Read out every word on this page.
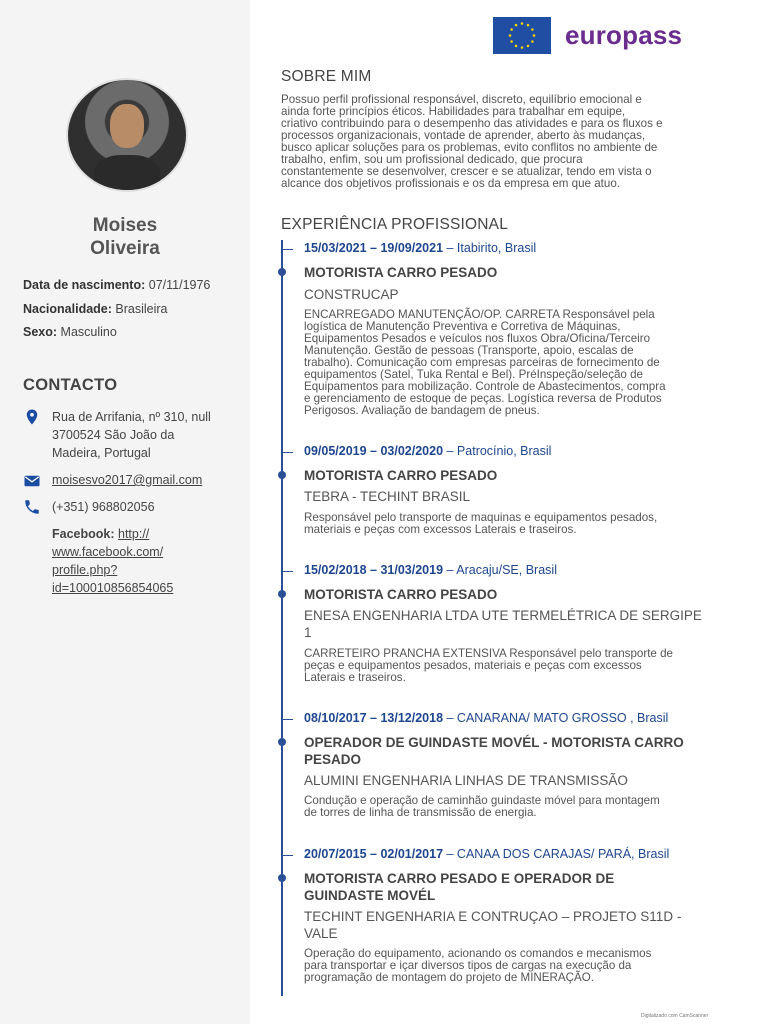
Moises
Oliveira
Data de nascimento: 07/11/1976
Nacionalidade: Brasileira
Sexo: Masculino
CONTACTO
Rua de Arrifania, nº 310, null
3700524 São João da
Madeira, Portugal
moisesvo2017@gmail.com
(+351) 968802056
Facebook: http://
www.facebook.com/
profile.php?
id=100010856854065
europass
SOBRE MIM
Possuo perfil profissional responsável, discreto, equilíbrio emocional e
ainda forte princípios éticos. Habilidades para trabalhar em equipe,
criativo contribuindo para o desempenho das atividades e para os fluxos e
processos organizacionais, vontade de aprender, aberto às mudanças,
busco aplicar soluções para os problemas, evito conflitos no ambiente de
trabalho, enfim, sou um profissional dedicado, que procura
constantemente se desenvolver, crescer e se atualizar, tendo em vista o
alcance dos objetivos profissionais e os da empresa em que atuo.
EXPERIÊNCIA PROFISSIONAL
15/03/2021 – 19/09/2021 – Itabirito, Brasil
MOTORISTA CARRO PESADO
CONSTRUCAP
ENCARREGADO MANUTENÇÃO/OP. CARRETA Responsável pela
logística de Manutenção Preventiva e Corretiva de Máquinas,
Equipamentos Pesados e veículos nos fluxos Obra/Oficina/Terceiro
Manutenção. Gestão de pessoas (Transporte, apoio, escalas de
trabalho). Comunicação com empresas parceiras de fornecimento de
equipamentos (Satel, Tuka Rental e Bel). PréInspeção/seleção de
Equipamentos para mobilização. Controle de Abastecimentos, compra
e gerenciamento de estoque de peças. Logística reversa de Produtos
Perigosos. Avaliação de bandagem de pneus.
09/05/2019 – 03/02/2020 – Patrocínio, Brasil
MOTORISTA CARRO PESADO
TEBRA - TECHINT BRASIL
Responsável pelo transporte de maquinas e equipamentos pesados,
materiais e peças com excessos Laterais e traseiros.
15/02/2018 – 31/03/2019 – Aracaju/SE, Brasil
MOTORISTA CARRO PESADO
ENESA ENGENHARIA LTDA UTE TERMELÉTRICA DE SERGIPE
1
CARRETEIRO PRANCHA EXTENSIVA Responsável pelo transporte de
peças e equipamentos pesados, materiais e peças com excessos
Laterais e traseiros.
08/10/2017 – 13/12/2018 – CANARANA/ MATO GROSSO , Brasil
OPERADOR DE GUINDASTE MOVÉL - MOTORISTA CARRO
PESADO
ALUMINI ENGENHARIA LINHAS DE TRANSMISSÃO
Condução e operação de caminhão guindaste móvel para montagem
de torres de linha de transmissão de energia.
20/07/2015 – 02/01/2017 – CANAA DOS CARAJAS/ PARÁ, Brasil
MOTORISTA CARRO PESADO E OPERADOR DE
GUINDASTE MOVÉL
TECHINT ENGENHARIA E CONTRUÇAO – PROJETO S11D -
VALE
Operação do equipamento, acionando os comandos e mecanismos
para transportar e içar diversos tipos de cargas na execução da
programação de montagem do projeto de MINERAÇÃO.
Digitalizado com CamScanner
